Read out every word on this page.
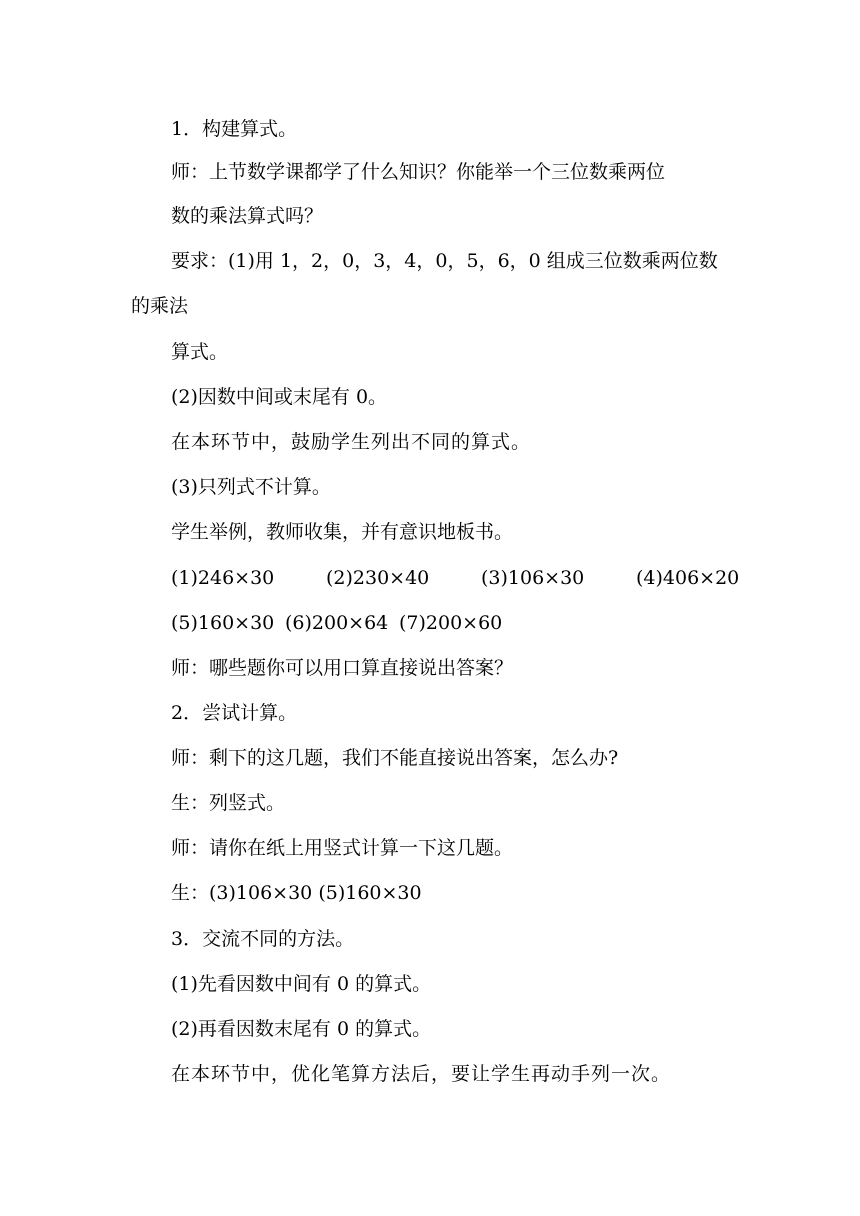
1．构建算式。
师：上节数学课都学了什么知识？你能举一个三位数乘两位
数的乘法算式吗？
要求：(1)用 1，2，0，3，4，0，5，6，0 组成三位数乘两位数
的乘法
算式。
(2)因数中间或末尾有 0。
在本环节中，鼓励学生列出不同的算式。
(3)只列式不计算。
学生举例，教师收集，并有意识地板书。
(1)246×30	(2)230×40	(3)106×30	(4)406×20
(5)160×30 (6)200×64 (7)200×60
师：哪些题你可以用口算直接说出答案？
2．尝试计算。
师：剩下的这几题，我们不能直接说出答案，怎么办?
生：列竖式。
师：请你在纸上用竖式计算一下这几题。
生：(3)106×30 (5)160×30
3．交流不同的方法。
(1)先看因数中间有 0 的算式。
(2)再看因数末尾有 0 的算式。
在本环节中，优化笔算方法后，要让学生再动手列一次。
